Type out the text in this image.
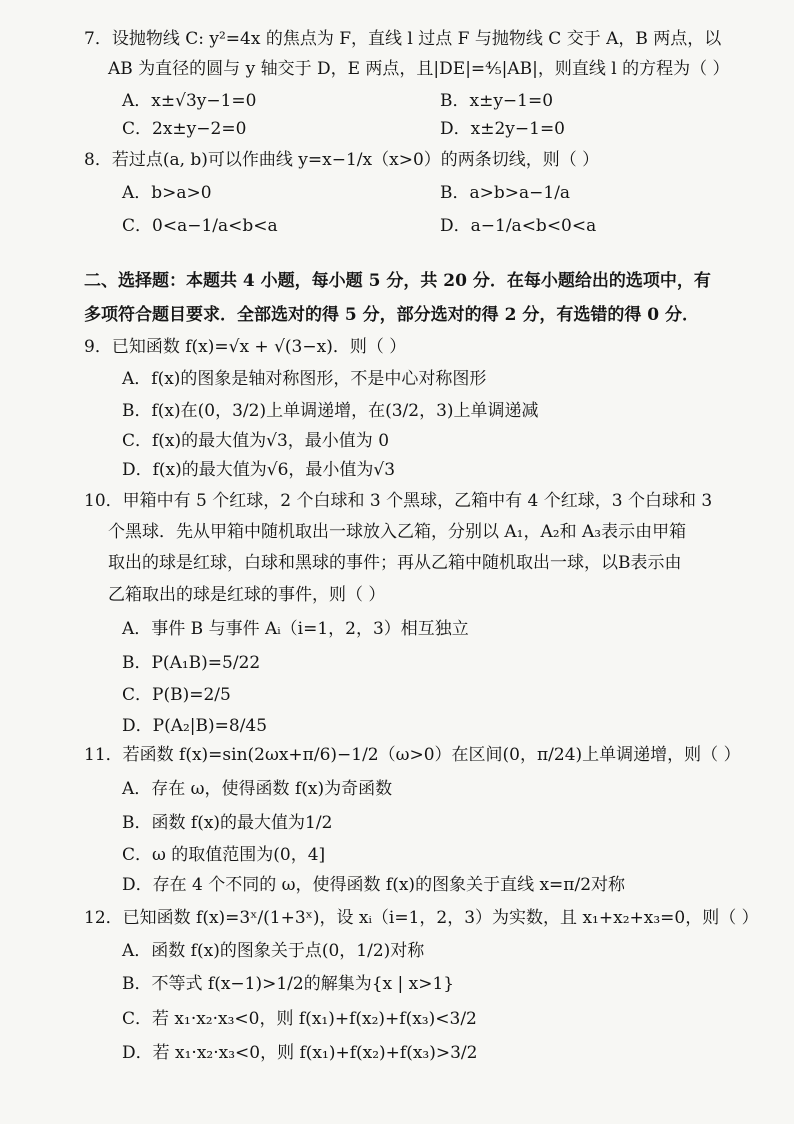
7．设抛物线 C: y²=4x 的焦点为 F，直线 l 过点 F 与抛物线 C 交于 A，B 两点，以
AB 为直径的圆与 y 轴交于 D，E 两点，且|DE|=⁴⁄₅|AB|，则直线 l 的方程为（ ）
A．x±√3y−1=0	B．x±y−1=0
C．2x±y−2=0	D．x±2y−1=0
8．若过点(a, b)可以作曲线 y=x−1/x（x>0）的两条切线，则（ ）
A．b>a>0	B．a>b>a−1/a
C．0<a−1/a<b<a	D．a−1/a<b<0<a
二、选择题：本题共 4 小题，每小题 5 分，共 20 分．在每小题给出的选项中，有
多项符合题目要求．全部选对的得 5 分，部分选对的得 2 分，有选错的得 0 分．
9．已知函数 f(x)=√x + √(3−x)．则（ ）
A．f(x)的图象是轴对称图形，不是中心对称图形
B．f(x)在(0，3/2)上单调递增，在(3/2，3)上单调递减
C．f(x)的最大值为√3，最小值为 0
D．f(x)的最大值为√6，最小值为√3
10．甲箱中有 5 个红球，2 个白球和 3 个黑球，乙箱中有 4 个红球，3 个白球和 3
个黑球．先从甲箱中随机取出一球放入乙箱，分别以 A₁，A₂和 A₃表示由甲箱
取出的球是红球，白球和黑球的事件；再从乙箱中随机取出一球，以B表示由
乙箱取出的球是红球的事件，则（ ）
A．事件 B 与事件 Aᵢ（i=1，2，3）相互独立
B．P(A₁B)=5/22
C．P(B)=2/5
D．P(A₂|B)=8/45
11．若函数 f(x)=sin(2ωx+π/6)−1/2（ω>0）在区间(0，π/24)上单调递增，则（ ）
A．存在 ω，使得函数 f(x)为奇函数
B．函数 f(x)的最大值为1/2
C．ω 的取值范围为(0，4]
D．存在 4 个不同的 ω，使得函数 f(x)的图象关于直线 x=π/2对称
12．已知函数 f(x)=3ˣ/(1+3ˣ)，设 xᵢ（i=1，2，3）为实数，且 x₁+x₂+x₃=0，则（ ）
A．函数 f(x)的图象关于点(0，1/2)对称
B．不等式 f(x−1)>1/2的解集为{x | x>1}
C．若 x₁·x₂·x₃<0，则 f(x₁)+f(x₂)+f(x₃)<3/2
D．若 x₁·x₂·x₃<0，则 f(x₁)+f(x₂)+f(x₃)>3/2
